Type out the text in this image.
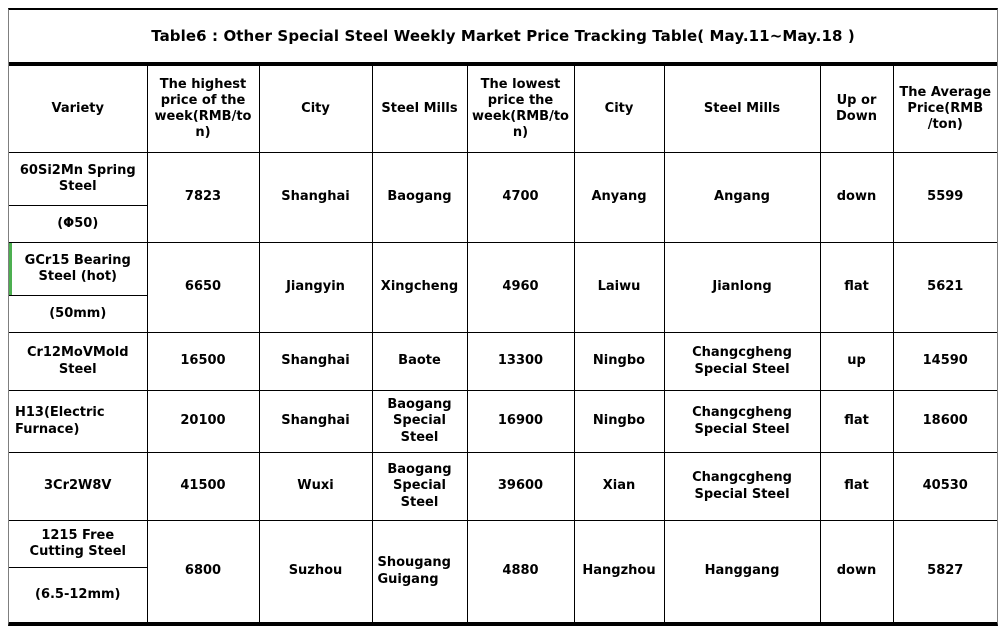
Table6 : Other Special Steel Weekly Market Price Tracking Table( May.11~May.18 )
Variety	The highest price of the week(RMB/ton)	City	Steel Mills	The lowest price the week(RMB/ton)	City	Steel Mills	Up or Down	The Average Price(RMB /ton)

60Si2Mn Spring Steel
(Φ50)	7823	Shanghai	Baogang	4700	Anyang	Angang	down	5599

GCr15 Bearing Steel (hot)
(50mm)	6650	Jiangyin	Xingcheng	4960	Laiwu	Jianlong	flat	5621

Cr12MoVMold Steel	16500	Shanghai	Baote	13300	Ningbo	Changcgheng Special Steel	up	14590

H13(Electric Furnace)	20100	Shanghai	Baogang Special Steel	16900	Ningbo	Changcgheng Special Steel	flat	18600

3Cr2W8V	41500	Wuxi	Baogang Special Steel	39600	Xian	Changcgheng Special Steel	flat	40530

1215 Free Cutting Steel
(6.5-12mm)	6800	Suzhou	Shougang Guigang	4880	Hangzhou	Hanggang	down	5827
